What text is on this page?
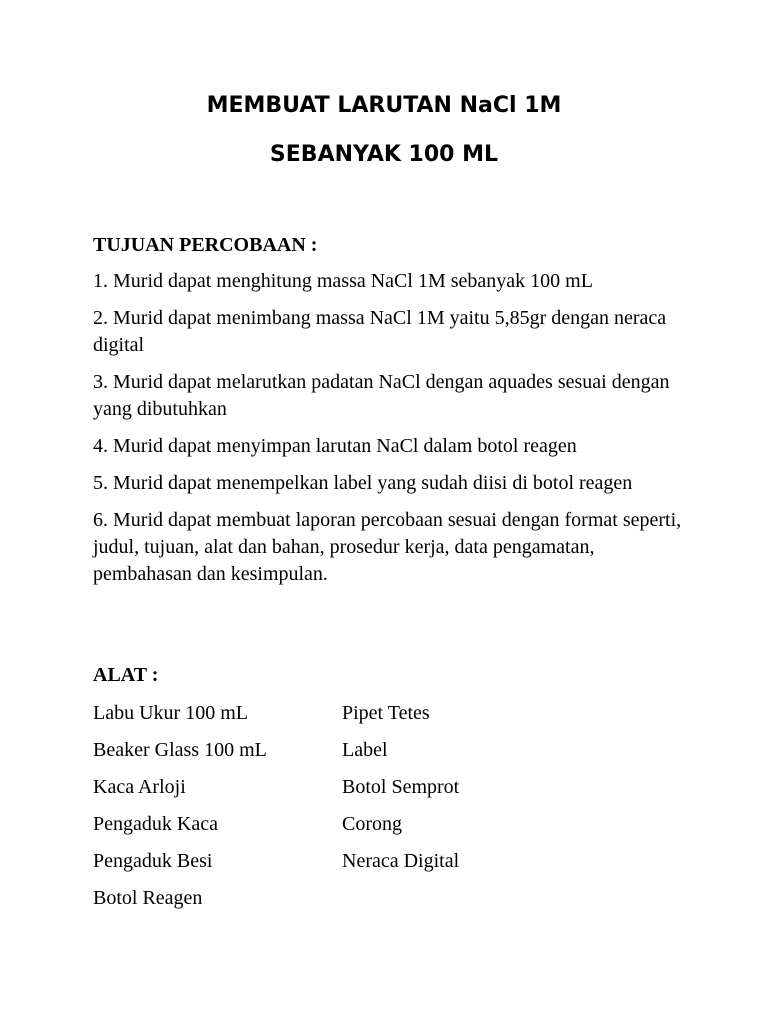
MEMBUAT LARUTAN NaCl 1M
SEBANYAK 100 ML
TUJUAN PERCOBAAN :
1. Murid dapat menghitung massa NaCl 1M sebanyak 100 mL
2. Murid dapat menimbang massa NaCl 1M yaitu 5,85gr dengan neraca digital
3. Murid dapat melarutkan padatan NaCl dengan aquades sesuai dengan yang dibutuhkan
4. Murid dapat menyimpan larutan NaCl dalam botol reagen
5. Murid dapat menempelkan label yang sudah diisi di botol reagen
6. Murid dapat membuat laporan percobaan sesuai dengan format seperti, judul, tujuan, alat dan bahan, prosedur kerja, data pengamatan, pembahasan dan kesimpulan.
ALAT :
Labu Ukur 100 mL	Pipet Tetes
Beaker Glass 100 mL	Label
Kaca Arloji	Botol Semprot
Pengaduk Kaca	Corong
Pengaduk Besi	Neraca Digital
Botol Reagen
